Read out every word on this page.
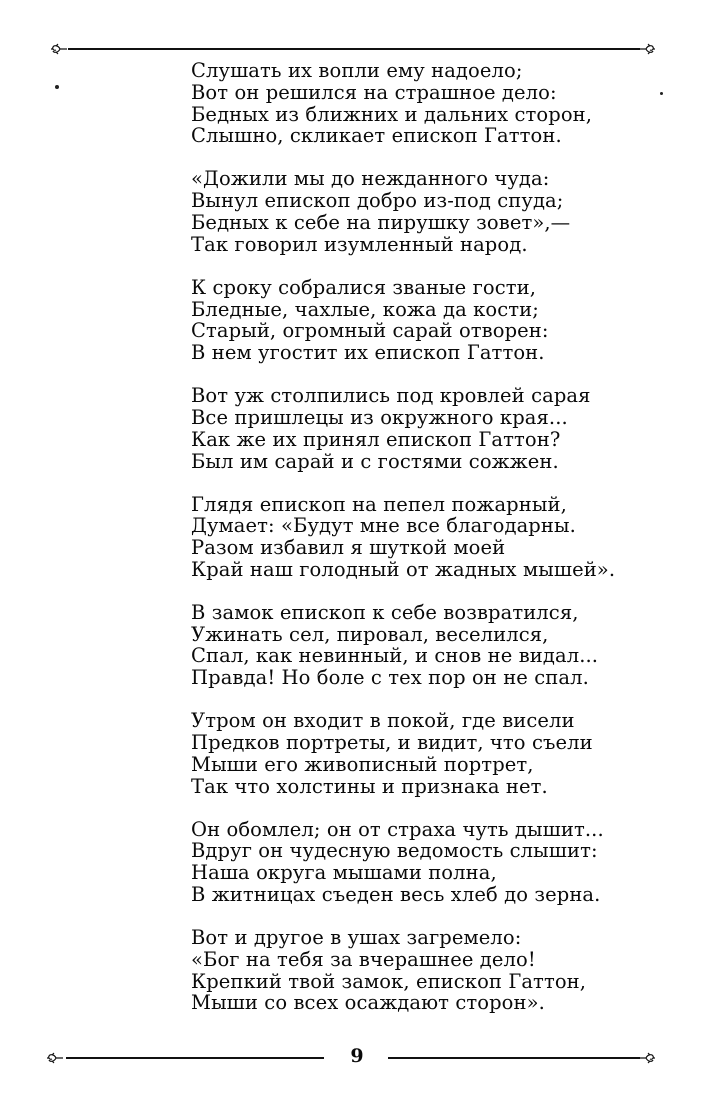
Слушать их вопли ему надоело;
Вот он решился на страшное дело:
Бедных из ближних и дальних сторон,
Слышно, скликает епископ Гаттон.
«Дожили мы до нежданного чуда:
Вынул епископ добро из-под спуда;
Бедных к себе на пирушку зовет»,—
Так говорил изумленный народ.
К сроку собралися званые гости,
Бледные, чахлые, кожа да кости;
Старый, огромный сарай отворен:
В нем угостит их епископ Гаттон.
Вот уж столпились под кровлей сарая
Все пришлецы из окружного края...
Как же их принял епископ Гаттон?
Был им сарай и с гостями сожжен.
Глядя епископ на пепел пожарный,
Думает: «Будут мне все благодарны.
Разом избавил я шуткой моей
Край наш голодный от жадных мышей».
В замок епископ к себе возвратился,
Ужинать сел, пировал, веселился,
Спал, как невинный, и снов не видал...
Правда! Но боле с тех пор он не спал.
Утром он входит в покой, где висели
Предков портреты, и видит, что съели
Мыши его живописный портрет,
Так что холстины и признака нет.
Он обомлел; он от страха чуть дышит...
Вдруг он чудесную ведомость слышит:
Наша округа мышами полна,
В житницах съеден весь хлеб до зерна.
Вот и другое в ушах загремело:
«Бог на тебя за вчерашнее дело!
Крепкий твой замок, епископ Гаттон,
Мыши со всех осаждают сторон».
9
